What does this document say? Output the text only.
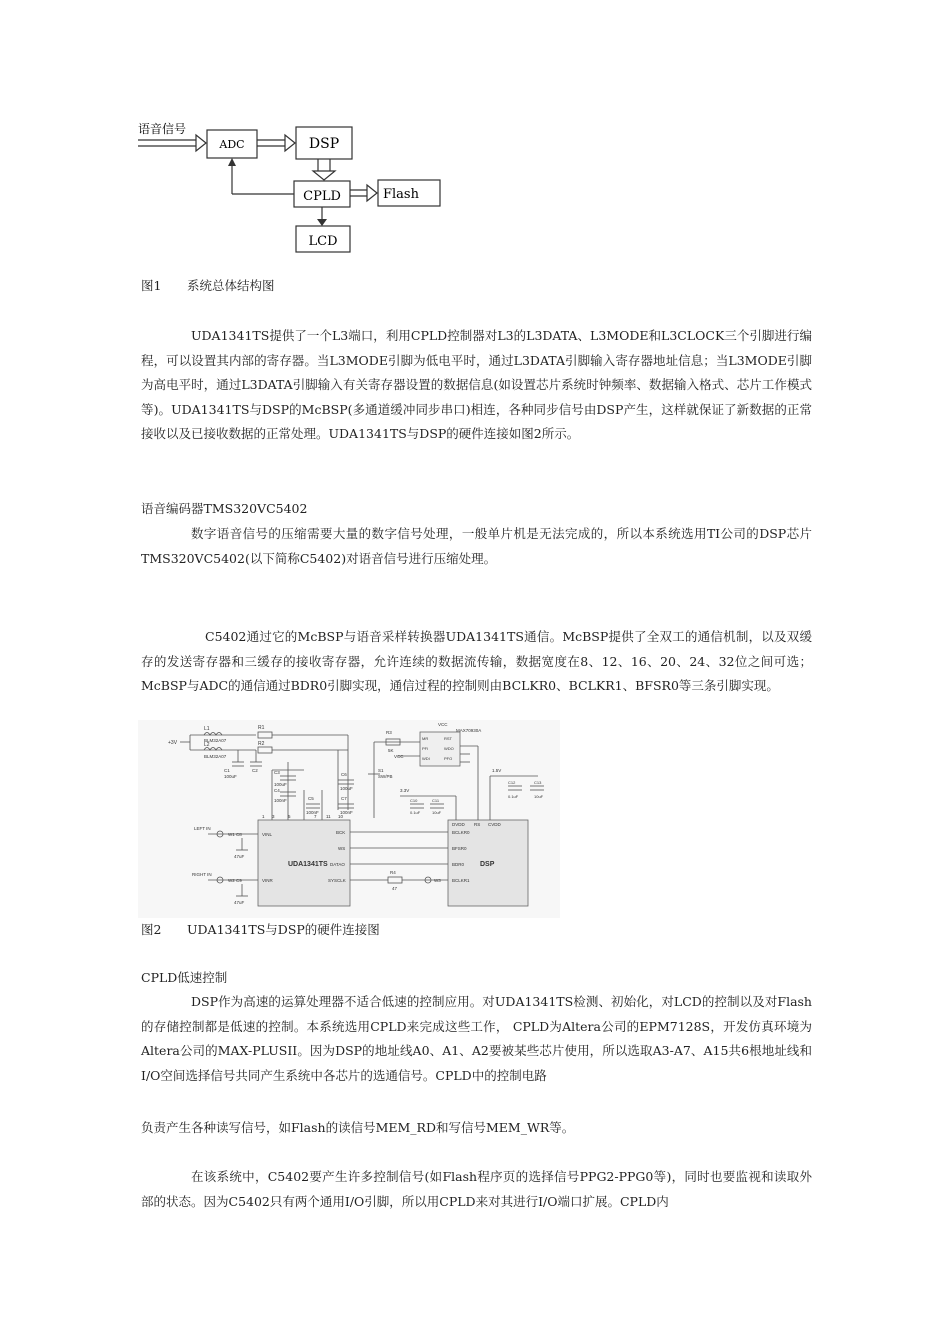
语音信号
ADC	DSP
CPLD	Flash
LCD
图1 系统总体结构图

UDA1341TS提供了一个L3端口，利用CPLD控制器对L3的L3DATA、L3MODE和L3CLOCK三个引脚进行编程，可以设置其内部的寄存器。当L3MODE引脚为低电平时，通过L3DATA引脚输入寄存器地址信息；当L3MODE引脚为高电平时，通过L3DATA引脚输入有关寄存器设置的数据信息(如设置芯片系统时钟频率、数据输入格式、芯片工作模式等)。UDA1341TS与DSP的McBSP(多通道缓冲同步串口)相连，各种同步信号由DSP产生，这样就保证了新数据的正常接收以及已接收数据的正常处理。UDA1341TS与DSP的硬件连接如图2所示。

语音编码器TMS320VC5402

数字语音信号的压缩需要大量的数字信号处理，一般单片机是无法完成的，所以本系统选用TI公司的DSP芯片TMS320VC5402(以下简称C5402)对语音信号进行压缩处理。

C5402通过它的McBSP与语音采样转换器UDA1341TS通信。McBSP提供了全双工的通信机制，以及双缓存的发送寄存器和三缓存的接收寄存器，允许连续的数据流传输，数据宽度在8、12、16、20、24、32位之间可选； McBSP与ADC的通信通过BDR0引脚实现，通信过程的控制则由BCLKR0、BCLKR1、BFSR0等三条引脚实现。

+3V
L1
BLM32A07
L2
BLM32A07
R1
R2
C1
100uF
C2	C3
100uF
C4
100nF	C5
100nF
C6
100uF
C7
100nF
1 3	5	7 11 10
UDA1341TS
VINL
VINR
BCK
WS
DATAO
SYSCLK
DSP
DVDD RS CVDD
BCLKR0
BFSR0
BDR0
BCLKR1
MAX70930A
MR
PFI
WDI
RST
WDO
PFO
VCC
VCC
R3
5K
S1
SW/PB
3.3V
C10
0.1uF
C11
10uF
1.5V
C12
0.1uF
C13
10uF
LEFT IN
RIGHT IN
W1
W2	W3
C8
47uF
C9
47uF
R4
47
图2 UDA1341TS与DSP的硬件连接图

CPLD低速控制

DSP作为高速的运算处理器不适合低速的控制应用。对UDA1341TS检测、初始化，对LCD的控制以及对Flash的存储控制都是低速的控制。本系统选用CPLD来完成这些工作， CPLD为Altera公司的EPM7128S，开发仿真环境为Altera公司的MAX-PLUSII。因为DSP的地址线A0、A1、A2要被某些芯片使用，所以选取A3-A7、A15共6根地址线和I/O空间选择信号共同产生系统中各芯片的选通信号。CPLD中的控制电路

负责产生各种读写信号，如Flash的读信号MEM_RD和写信号MEM_WR等。

在该系统中，C5402要产生许多控制信号(如Flash程序页的选择信号PPG2-PPG0等)，同时也要监视和读取外部的状态。因为C5402只有两个通用I/O引脚，所以用CPLD来对其进行I/O端口扩展。CPLD内
